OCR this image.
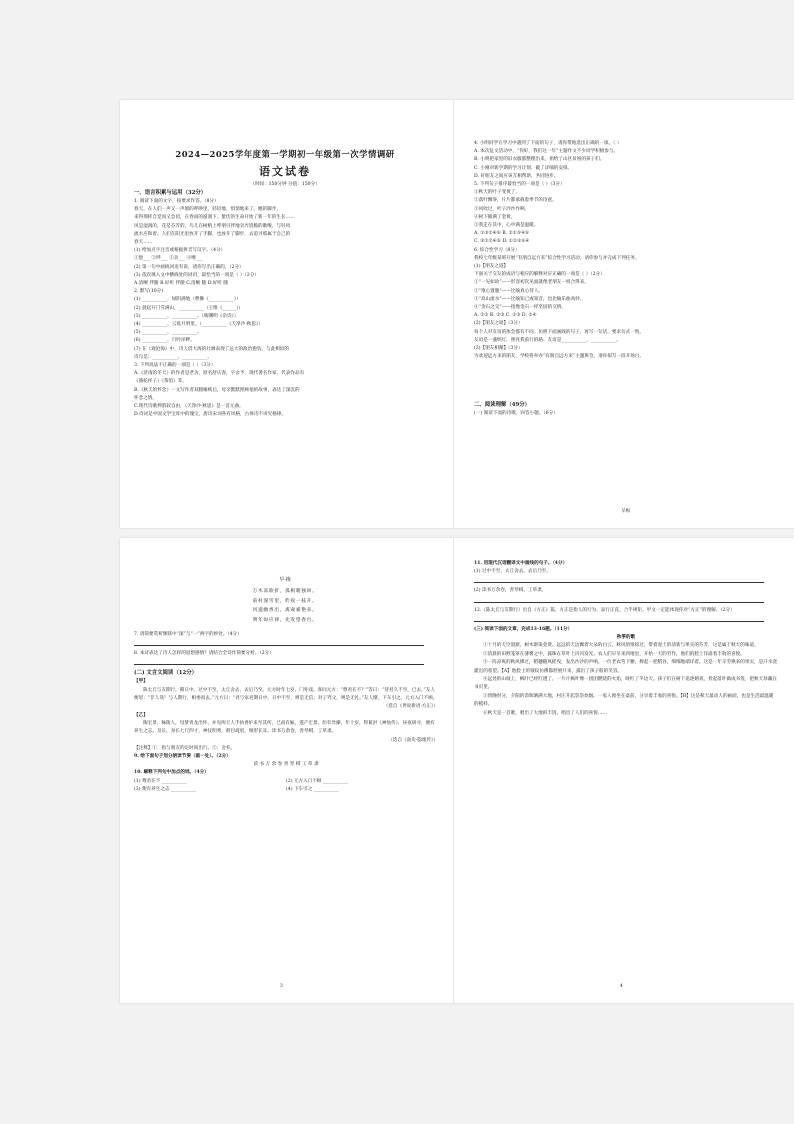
2024—2025学年度第一学期初一年级第一次学情调研
语文试卷
（时间：150分钟 分值：150分）
一、语言积累与运用（32分）
1. 阅读下面的文字，按要求作答。（8分）
春天，在人们一声又一声甜的呼唤里，轻轻地、悄悄地来了。她的脚步，
来得那样自觉而又急切，在春雨的滋润下，蛰伏的生命开始了新一年的生长……
风是湿润的，花是芬芳的，鸟儿在树梢上呼朋引伴地卖弄清脆的歌喉，与轻风
流水应和着。人们在阳光里放开了手脚，也放开了脚步，去追寻那属于自己的
春天……
(1) 给加点字注音或根据拼音写汉字。（4分）
①蛰___ ②呼___ ③卖___ ④嘹___
(2) 第一句中画线词语有误，请你写出正确的。（2分）
(3) 依次填入文中横线处的词语，最恰当的一项是（ ）（2分）
A.清晰 伴随 B.好听 伴随 C.清晰 随 D.好听 随
2. 默写(10分)
(1) ___________，绿阴满地（曹操《___________》）
(2) 晨起开门雪满山，___________（王维《______》）
(3) ___________，___________。（陶渊明《杂诗》）
(4) ___________，云低月明里。（___________《天净沙·秋思》）
(5) ___________，___________。
(6) ___________，行吟泽畔。
(7) 在《观沧海》中，诗人借大海的壮阔表现了远大的政治抱负，与此相似的
诗句是：___________，___________。
3. 下列说法不正确的一项是（ ）（3分）
A.《济南的冬天》的作者是老舍，原名舒庆春，字舍予，现代著名作家，代表作品有
《骆驼祥子》《茶馆》等。
B.《秋天的怀念》一文写作者双腿瘫痪后，母亲默默照顾他的故事，表达了深沉的
怀念之情。
C.现代诗歌押韵较自由，《天净沙·秋思》是一首元曲。
D.诗词是中国文学宝库中的瑰宝，唐诗宋词各有风格，古体诗不讲究格律。
4. 小明同学在学习中遇到了下面的句子，请你帮他选出正确的一项。（ ）
A. 本次征文活动中，“你好，我们这一年”主题作文不少同学积极参与。
B. 小明把家里的旧衣服都整理出来，捐给了山区贫困的孩子们。
C. 小刚对新学期的学习计划，做了详细的安排。
D. 好朋友之间应该互相帮助，共同进步。
5. 下列句子排序最恰当的一项是（ ）（3分）
①秋天的叶子变黄了，
②落叶飘零，片片都承载着季节的诗意。
③风吹过，叶子沙沙作响，
④树下铺满了金黄，
⑤我走在其中，心中满是温暖。
A. ①③②④⑤ B. ②①③④⑤
C. ③①②④⑤ D. ①②③⑤④
6. 综合性学习（8分）
我校七年级某班开展“有朋自远方来”综合性学习活动，请你参与并完成下列任务。
(1)【朋友之道】
下面关于交友的成语与相应的解释对应正确的一项是（ ）（2分）
①“一见如故”——形容初次见面就像老朋友一样合得来。
②“推心置腹”——比喻真心待人。
③“高山流水”——比喻知己或知音，也比喻乐曲高妙。
④“金石之交”——指像金石一样坚固的交情。
A. ①② B. ①③ C. ②③ D. ②④
(2)【朋友之间】（3分）
每个人对友谊的体会都有不同。仿照下面画线的句子，再写一句话，要求句式一致。
友谊是一盏明灯，照亮我前行的路；友谊是___________，___________。
(3)【朋友相聚】（3分）
为欢迎远方来的朋友，学校将举办“有朋自远方来”主题班会，请你拟写一段开场白。
二、阅读理解（49分）
(一) 阅读下面的诗歌，回答小题。（6分）
早梅
早·梅
万木冻欲折，孤根暖独回。
前村深雪里，昨夜一枝开。
风递幽香出，禽窥素艳来。
明年如应律，先发望春台。
7. 请简要赏析颔联中“深”与“一”两字的妙处。（4分）
8. 本诗表达了诗人怎样的思想感情？请结合全诗作简要分析。（2分）
(二) 文言文阅读（12分）
【甲】
陈太丘与友期行，期日中。过中不至，太丘舍去，去后乃至。元方时年七岁，门外戏。客问元方：“尊君在不？”答曰：“待君久不至，已去。”友人便怒：“非人哉！与人期行，相委而去。”元方曰：“君与家君期日中。日中不至，则是无信；对子骂父，则是无礼。”友人惭，下车引之。元方入门不顾。
（选自《世说新语·方正》）
【乙】
陶宏景，秣陵人，母梦青龙出怀，并见两天人手执香炉来至其所，已而有娠，遂产宏景。幼有异操，年十岁，得葛洪《神仙传》，昼夜研寻，便有养生之志。及长，身长七尺四寸，神仪明秀，朗目疏眉，细形长耳。读书万余卷，善琴棋，工草隶。
（选自《南史·隐逸传》）
【注释】①：指与朋友约定时间出行。②：舍弃。
9. 给下面句子划分朗读节奏（画一处）。（2分）
读 书 万 余 卷 善 琴 棋 工 草 隶
10. 解释下列句中加点的词。（4分）
(1) 尊君在不 ___________	(2) 元方入门不顾 ___________
(3) 便有养生之志 ___________	(4) 下车引之 ___________
3
11. 用现代汉语翻译文中画线的句子。（4分）
(1) 过中不至，太丘舍去，去后乃至。
(2) 读书万余卷，善琴棋，工草隶。
12.《陈太丘与友期行》出自《方正》篇，方正是指人的行为、品行正直，合乎规矩。甲文一定能体现你对“方正”的理解。（2分）
(三) 阅读下面的文章，完成13-16题。（11分）
秋季的歌
①十月的天空澄澈，树木渐染金黄。远远的天边飘着大朵的白云，秋风悄悄掠过，带着泥土的清新与果实的芬芳，这是属于秋天的味道。
②清晨的田野笼罩在薄雾之中，露珠在草叶上闪闪发光。农人们早早来到地里，开始一天的劳作，他们的脸上洋溢着丰收的喜悦。
③一阵凉爽的秋风拂过，稻穗随风摇曳，发出沙沙的声响。一位老农弯下腰，捧起一把稻谷，细细地端详着。这是一年辛劳换来的果实，是汗水浇灌出的希望。【A】他脸上的皱纹仿佛都舒展开来，露出了孩子般的笑容。
④远处的山坡上，枫叶已经红透了。一片片枫叶像一团团燃烧的火焰，映红了半边天。孩子们在树下追逐嬉戏，捡起落叶做成书签，把秋天珍藏在书页里。
⑤傍晚时分，夕阳的余晖洒满大地，村庄升起袅袅炊烟。一家人围坐在桌前，分享着丰收的喜悦。【B】这是秋天最动人的画面，也是生活最温暖的模样。
⑥秋天是一首歌，唱出了大地的丰饶，唱出了人们的喜悦……
4
